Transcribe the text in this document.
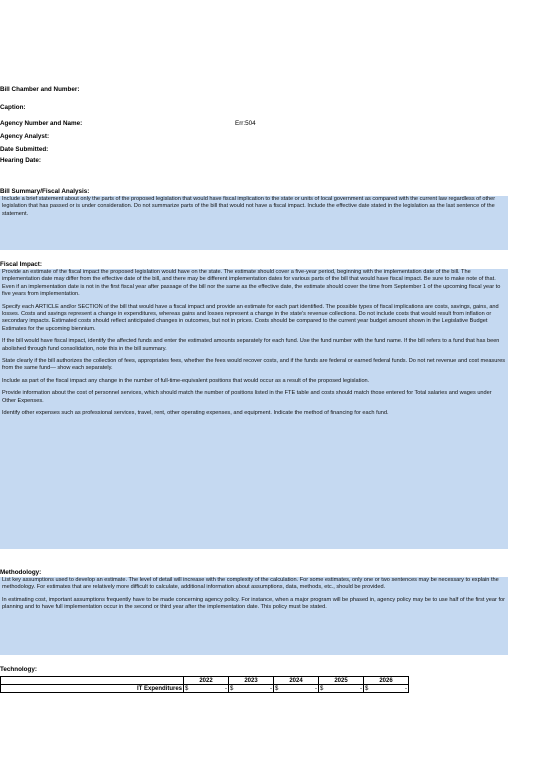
Bill Chamber and Number:
Caption:
Agency Number and Name:	Err:504
Agency Analyst:
Date Submitted:
Hearing Date:
Bill Summary/Fiscal Analysis:

Include a brief statement about only the parts of the proposed legislation that would have fiscal implication to the state or units of local government as compared with the current law regardless of other legislation that has passed or is under consideration. Do not summarize parts of the bill that would not have a fiscal impact. Include the effective date stated in the legislation as the last sentence of the statement.

Fiscal Impact:

Provide an estimate of the fiscal impact the proposed legislation would have on the state. The estimate should cover a five-year period, beginning with the implementation date of the bill. The implementation date may differ from the effective date of the bill, and there may be different implementation dates for various parts of the bill that would have fiscal impact. Be sure to make note of that. Even if an implementation date is not in the first fiscal year after passage of the bill nor the same as the effective date, the estimate should cover the time from September 1 of the upcoming fiscal year to five years from implementation.

Specify each ARTICLE and/or SECTION of the bill that would have a fiscal impact and provide an estimate for each part identified. The possible types of fiscal implications are costs, savings, gains, and losses. Costs and savings represent a change in expenditures, whereas gains and losses represent a change in the state's revenue collections. Do not include costs that would result from inflation or secondary impacts. Estimated costs should reflect anticipated changes in outcomes, but not in prices. Costs should be compared to the current year budget amount shown in the Legislative Budget Estimates for the upcoming biennium.

If the bill would have fiscal impact, identify the affected funds and enter the estimated amounts separately for each fund. Use the fund number with the fund name. If the bill refers to a fund that has been abolished through fund consolidation, note this in the bill summary.

State clearly if the bill authorizes the collection of fees, appropriates fees, whether the fees would recover costs, and if the funds are federal or earned federal funds. Do not net revenue and cost measures from the same fund— show each separately.

Include as part of the fiscal impact any change in the number of full-time-equivalent positions that would occur as a result of the proposed legislation.

Provide information about the cost of personnel services, which should match the number of positions listed in the FTE table and costs should match those entered for Total salaries and wages under Other Expenses.

Identify other expenses such as professional services, travel, rent, other operating expenses, and equipment. Indicate the method of financing for each fund.

Methodology:

List key assumptions used to develop an estimate. The level of detail will increase with the complexity of the calculation. For some estimates, only one or two sentences may be necessary to explain the methodology. For estimates that are relatively more difficult to calculate, additional information about assumptions, data, methods, etc., should be provided.

In estimating cost, important assumptions frequently have to be made concerning agency policy. For instance, when a major program will be phased in, agency policy may be to use half of the first year for planning and to have full implementation occur in the second or third year after the implementation date. This policy must be stated.

Technology:
	2022	2023	2024	2025	2026	
IT Expenditures	$ -	$ -	$ -	$ -	$ -	
